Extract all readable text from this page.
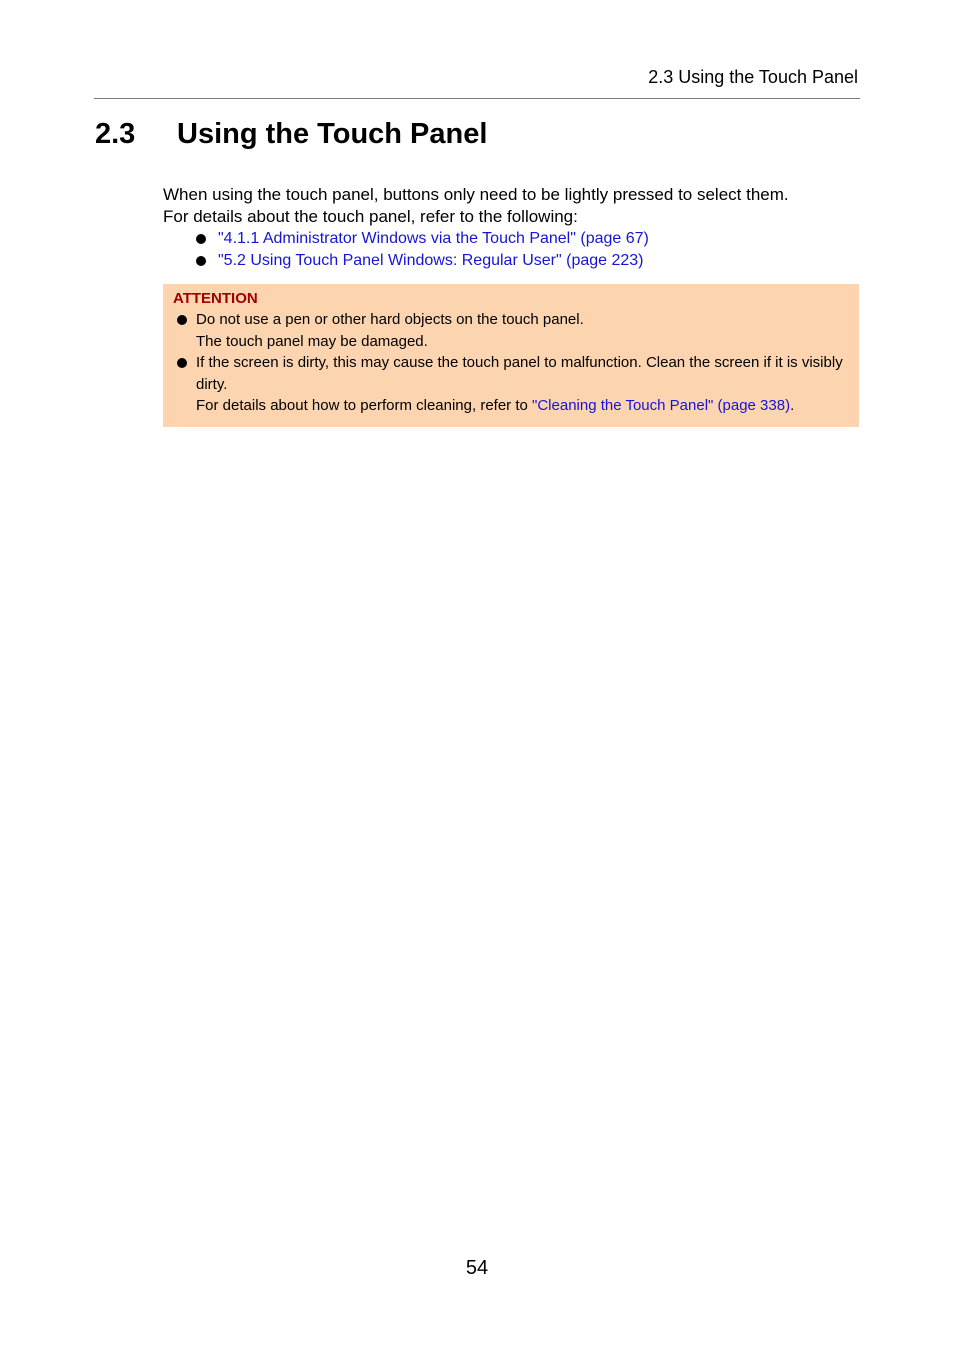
2.3 Using the Touch Panel
2.3 Using the Touch Panel

When using the touch panel, buttons only need to be lightly pressed to select them.

For details about the touch panel, refer to the following:

"4.1.1 Administrator Windows via the Touch Panel" (page 67)
"5.2 Using Touch Panel Windows: Regular User" (page 223)
ATTENTION
Do not use a pen or other hard objects on the touch panel.
The touch panel may be damaged.
If the screen is dirty, this may cause the touch panel to malfunction. Clean the screen if it is visibly dirty.
For details about how to perform cleaning, refer to "Cleaning the Touch Panel" (page 338).
54
